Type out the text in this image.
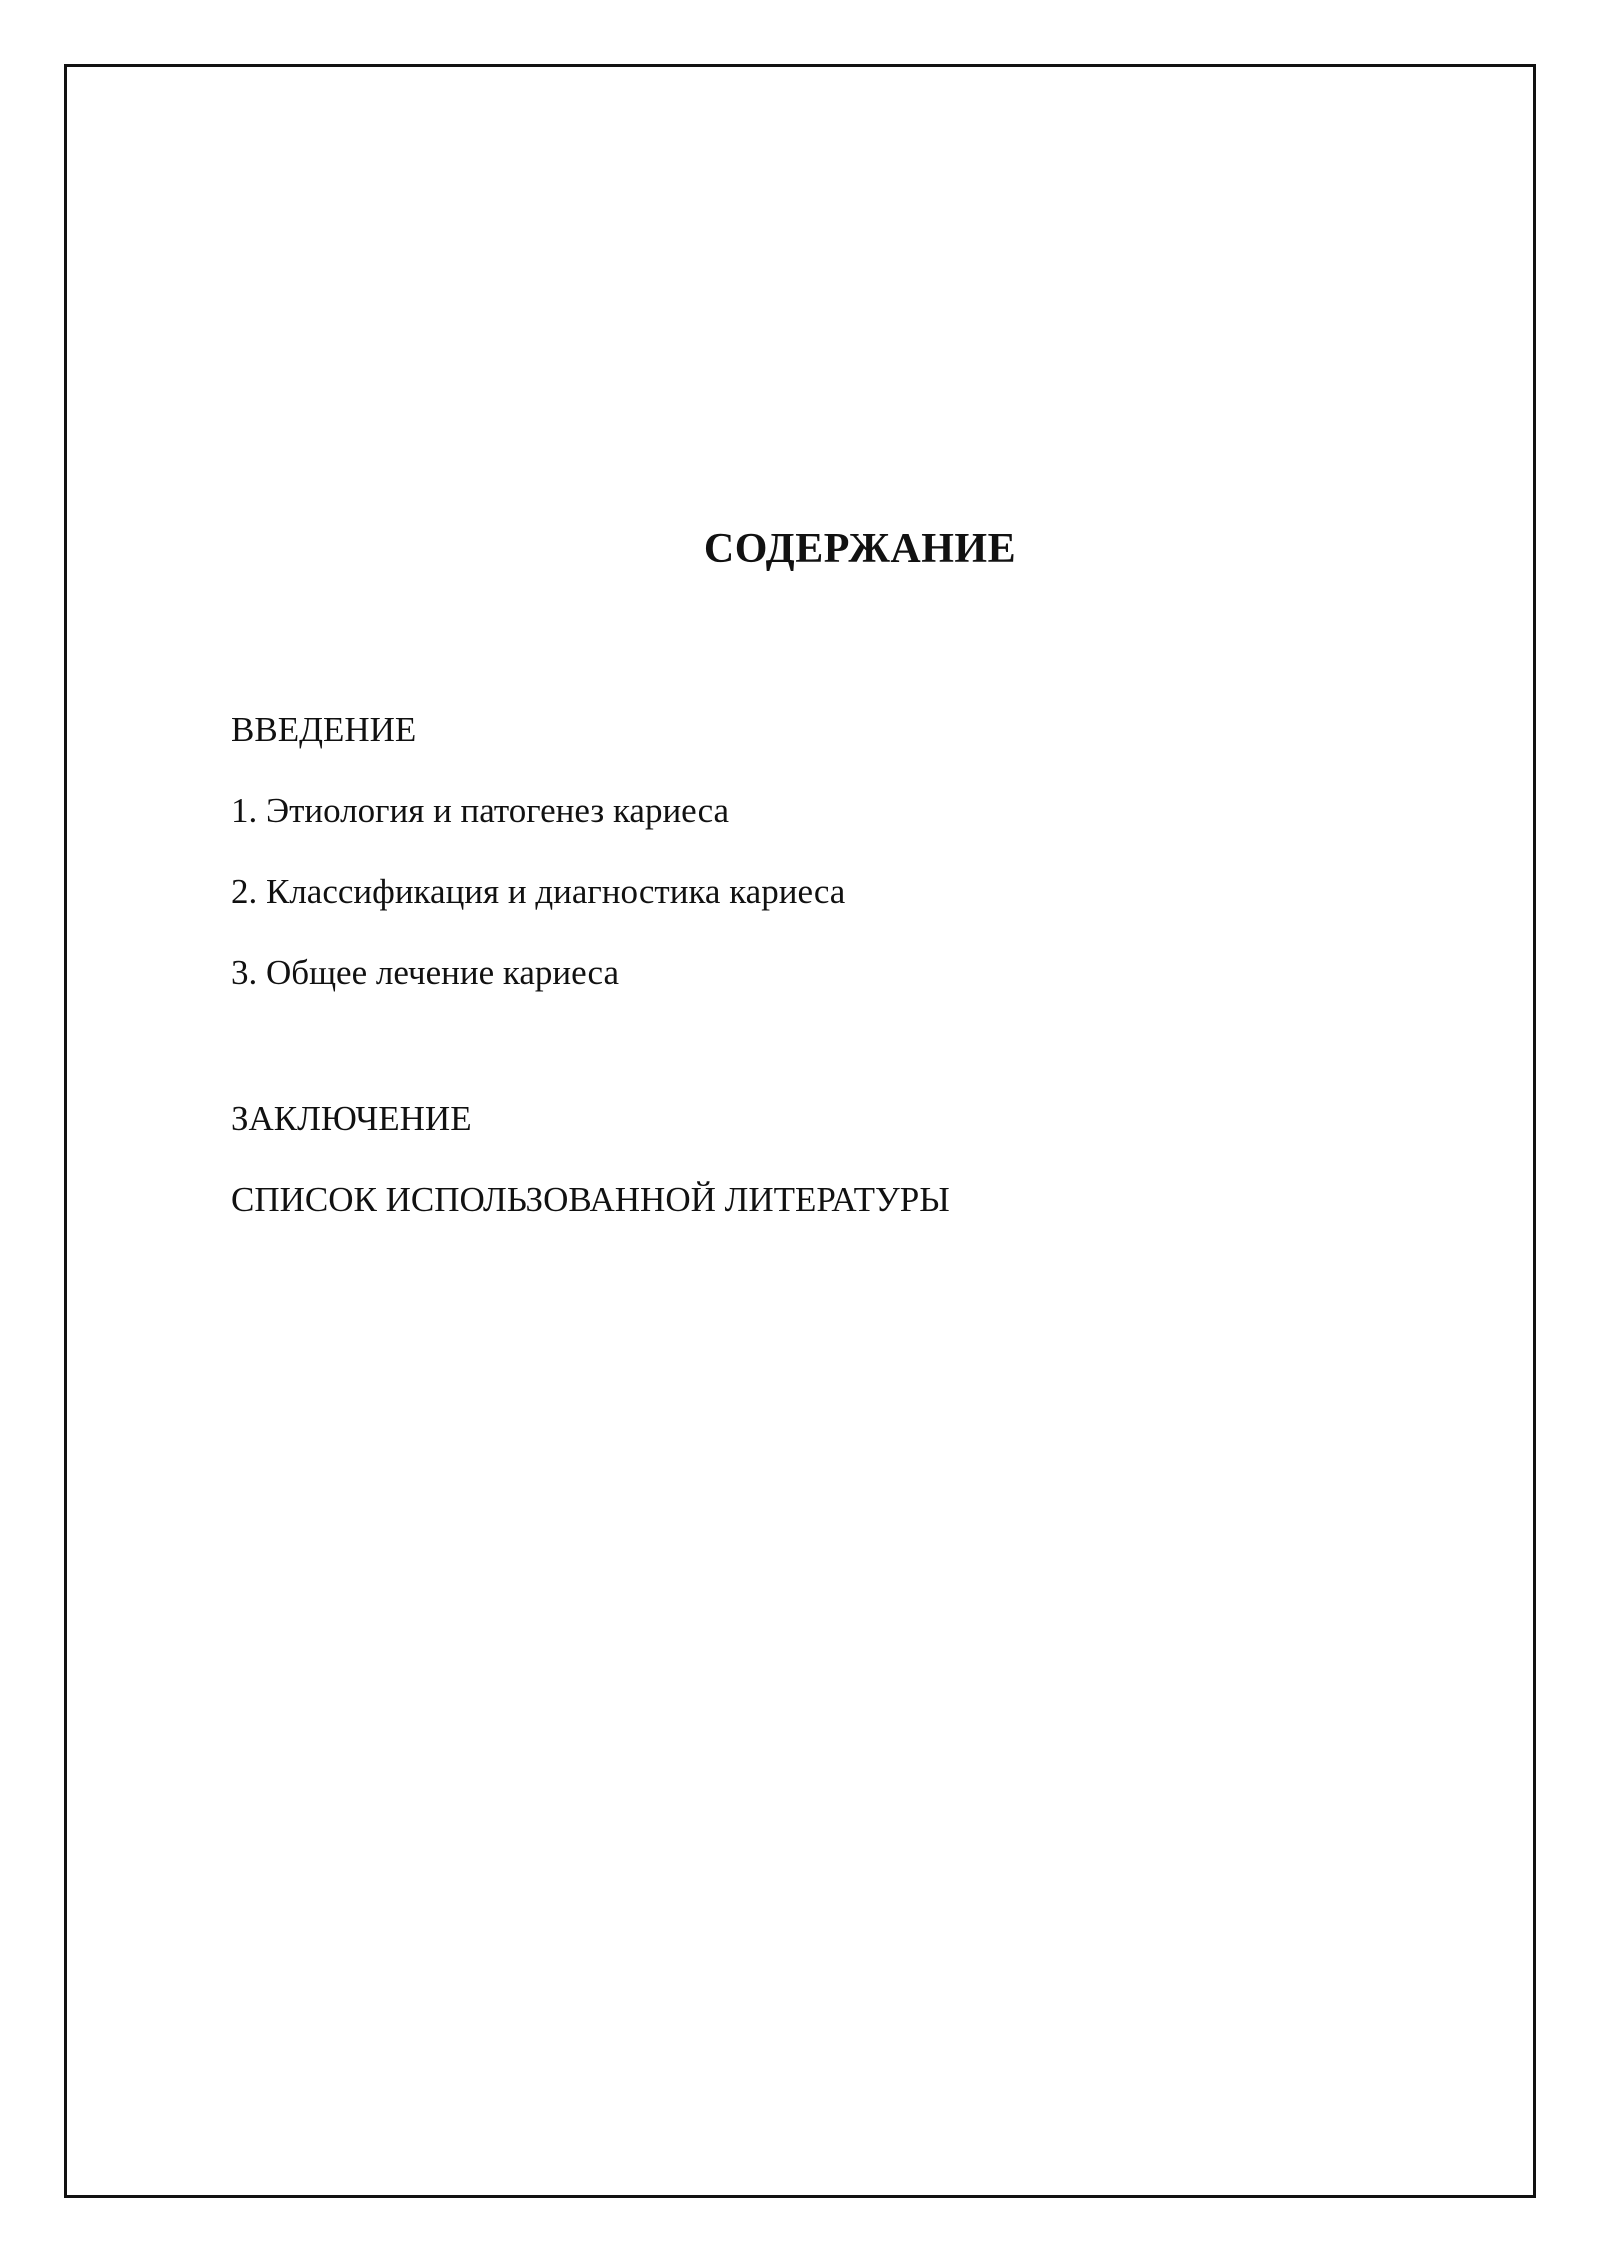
СОДЕРЖАНИЕ
ВВЕДЕНИЕ
1. Этиология и патогенез кариеса
2. Классификация и диагностика кариеса
3. Общее лечение кариеса
ЗАКЛЮЧЕНИЕ
СПИСОК ИСПОЛЬЗОВАННОЙ ЛИТЕРАТУРЫ
